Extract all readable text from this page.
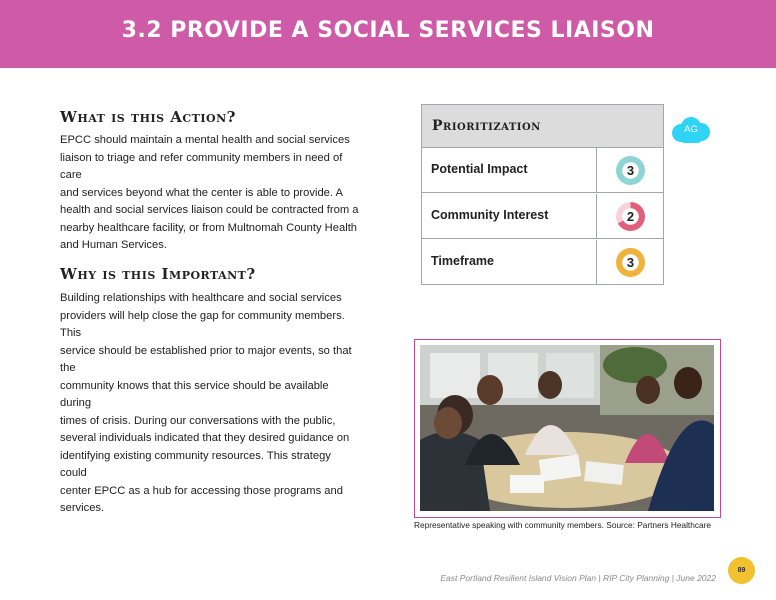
3.2 PROVIDE A SOCIAL SERVICES LIAISON
What is this Action?
EPCC should maintain a mental health and social services
liaison to triage and refer community members in need of care
and services beyond what the center is able to provide. A
health and social services liaison could be contracted from a
nearby healthcare facility, or from Multnomah County Health
and Human Services.
Why is this Important?
Building relationships with healthcare and social services
providers will help close the gap for community members. This
service should be established prior to major events, so that the
community knows that this service should be available during
times of crisis. During our conversations with the public,
several individuals indicated that they desired guidance on
identifying existing community resources. This strategy could
center EPCC as a hub for accessing those programs and
services.
Prioritization
Potential Impact	3
Community Interest	2
Timeframe	3
AG
Representative speaking with community members. Source: Partners Healthcare
East Portland Resilient Island Vision Plan | RIP City Planning | June 2022
89
